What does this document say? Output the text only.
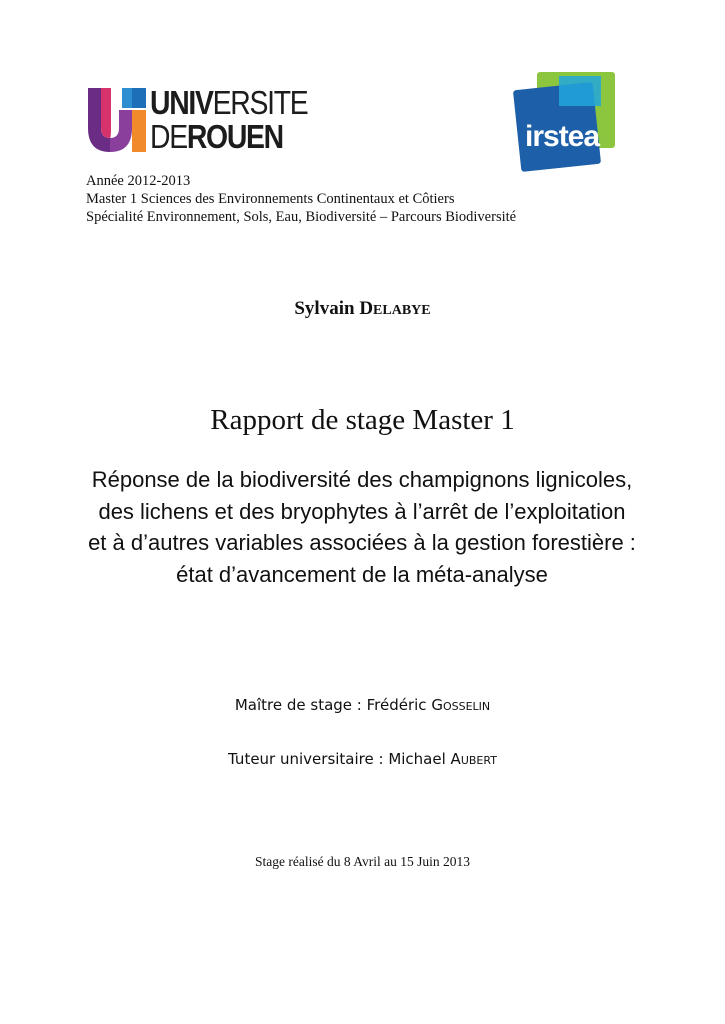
UNIVERSITE
DEROUEN	irstea
Année 2012-2013
Master 1 Sciences des Environnements Continentaux et Côtiers
Spécialité Environnement, Sols, Eau, Biodiversité – Parcours Biodiversité
Sylvain DELABYE
Rapport de stage Master 1
Réponse de la biodiversité des champignons lignicoles, des lichens et des bryophytes à l’arrêt de l’exploitation et à d’autres variables associées à la gestion forestière : état d’avancement de la méta-analyse
Maître de stage : Frédéric GOSSELIN
Tuteur universitaire : Michael AUBERT
Stage réalisé du 8 Avril au 15 Juin 2013
